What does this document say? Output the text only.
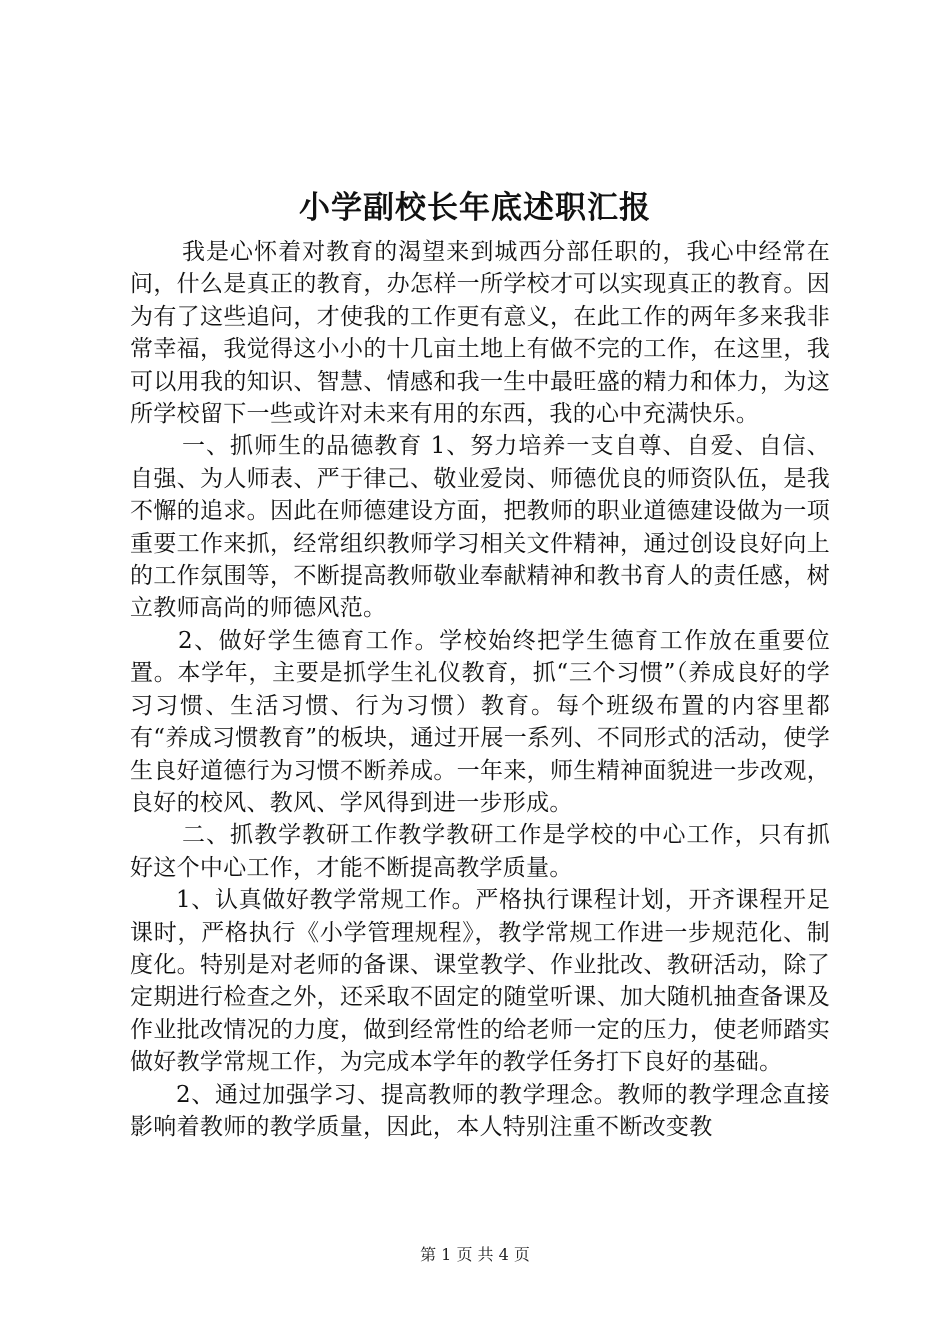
小学副校长年底述职汇报

我是心怀着对教育的渴望来到城西分部任职的，我心中经常在问，什么是真正的教育，办怎样一所学校才可以实现真正的教育。因为有了这些追问，才使我的工作更有意义，在此工作的两年多来我非常幸福，我觉得这小小的十几亩土地上有做不完的工作，在这里，我可以用我的知识、智慧、情感和我一生中最旺盛的精力和体力，为这所学校留下一些或许对未来有用的东西，我的心中充满快乐。

一、抓师生的品德教育 1、努力培养一支自尊、自爱、自信、自强、为人师表、严于律己、敬业爱岗、师德优良的师资队伍，是我不懈的追求。因此在师德建设方面，把教师的职业道德建设做为一项重要工作来抓，经常组织教师学习相关文件精神，通过创设良好向上的工作氛围等，不断提高教师敬业奉献精神和教书育人的责任感，树立教师高尚的师德风范。

2、做好学生德育工作。学校始终把学生德育工作放在重要位置。本学年，主要是抓学生礼仪教育，抓“三个习惯”（养成良好的学习习惯、生活习惯、行为习惯）教育。每个班级布置的内容里都有“养成习惯教育”的板块，通过开展一系列、不同形式的活动，使学生良好道德行为习惯不断养成。一年来，师生精神面貌进一步改观，良好的校风、教风、学风得到进一步形成。

二、抓教学教研工作教学教研工作是学校的中心工作，只有抓好这个中心工作，才能不断提高教学质量。

1、认真做好教学常规工作。严格执行课程计划，开齐课程开足课时，严格执行《小学管理规程》，教学常规工作进一步规范化、制度化。特别是对老师的备课、课堂教学、作业批改、教研活动，除了定期进行检查之外，还采取不固定的随堂听课、加大随机抽查备课及作业批改情况的力度，做到经常性的给老师一定的压力，使老师踏实做好教学常规工作，为完成本学年的教学任务打下良好的基础。

2、通过加强学习、提高教师的教学理念。教师的教学理念直接影响着教师的教学质量，因此，本人特别注重不断改变教

第 1 页 共 4 页
